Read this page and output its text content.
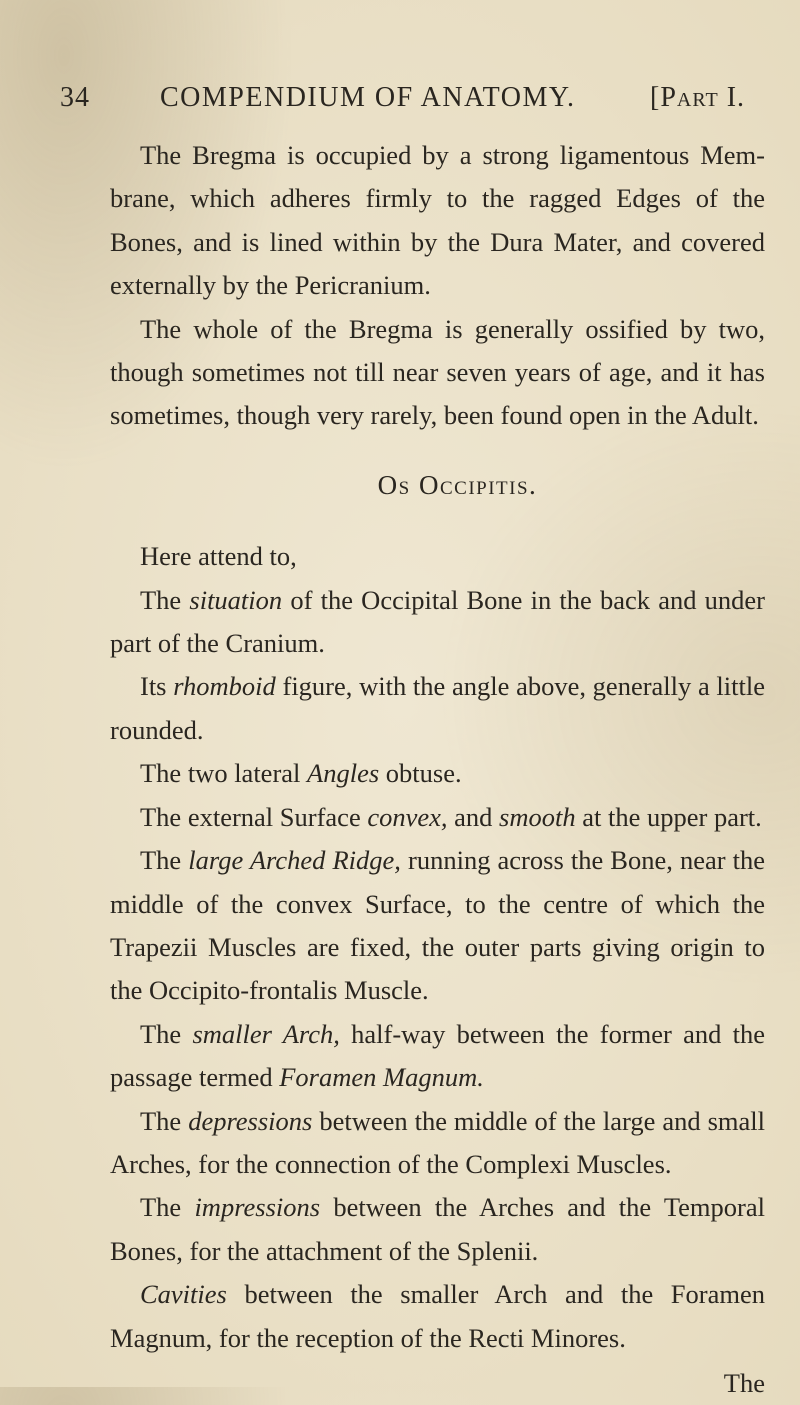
34	COMPENDIUM OF ANATOMY.	[Part I.

The Bregma is occupied by a strong ligamentous Membrane, which adheres firmly to the ragged Edges of the Bones, and is lined within by the Dura Mater, and covered externally by the Pericranium.

The whole of the Bregma is generally ossified by two, though sometimes not till near seven years of age, and it has sometimes, though very rarely, been found open in the Adult.

Os Occipitis.

Here attend to,

The situation of the Occipital Bone in the back and under part of the Cranium.

Its rhomboid figure, with the angle above, generally a little rounded.

The two lateral Angles obtuse.

The external Surface convex, and smooth at the upper part.

The large Arched Ridge, running across the Bone, near the middle of the convex Surface, to the centre of which the Trapezii Muscles are fixed, the outer parts giving origin to the Occipito-frontalis Muscle.

The smaller Arch, half-way between the former and the passage termed Foramen Magnum.

The depressions between the middle of the large and small Arches, for the connection of the Complexi Muscles.

The impressions between the Arches and the Temporal Bones, for the attachment of the Splenii.

Cavities between the smaller Arch and the Foramen Magnum, for the reception of the Recti Minores.

The
